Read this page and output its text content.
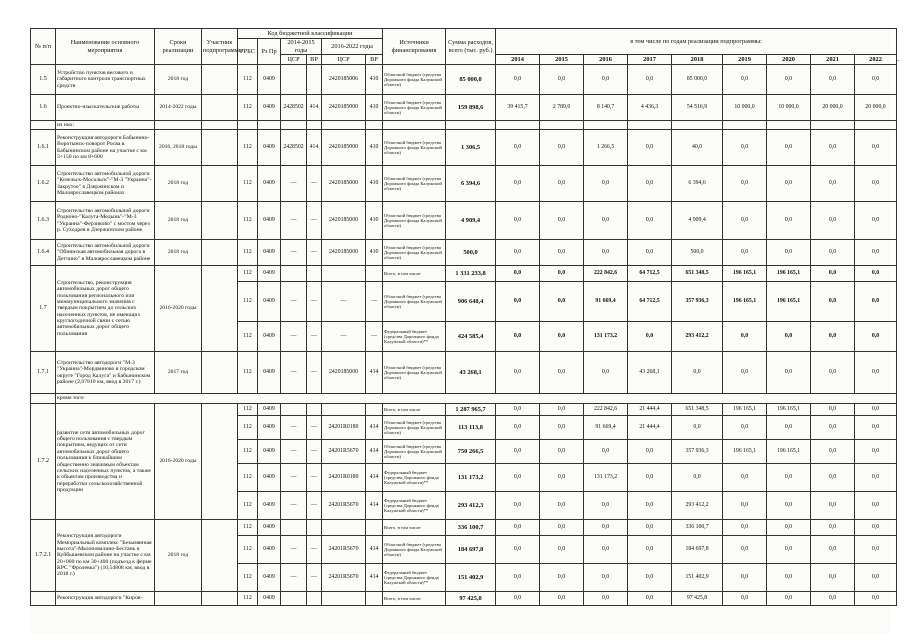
№ п/п	Наименование основного мероприятия	Сроки реализации	Участник подпрограммы	Код бюджетной классификации						Источники финансирования	Сумма расходов, всего (тыс. руб.)	в том числе по годам реализации подпрограммы:								
				ГРБС	Рз Пр	2014-2015 годы		2016-2022 годы												

						ЦСР	ВР	ЦСР	ВР			2014	2015	2016	2017	2018	2019	2020	2021	2022
1.5	Устройство пунктов весового и габаритного контроля транспортных средств	2018 год		112	0409			2420185006	410	Областной бюджет (средства Дорожного фонда Калужской области)	85 000,0	0,0	0,0	0,0	0,0	85 000,0	0,0	0,0	0,0	0,0
1.6	Проектно-изыскательские работы	2014-2022 годы		112	0409	2428502	414	2420185000	410	Областной бюджет (средства Дорожного фонда Калужской области)	159 898,6	39 415,7	2 789,0	8 140,7	4 436,3	54 516,9	10 000,0	10 000,0	20 000,0	20 000,0
	из них:																			
1.6.1	Реконструкция автодороги Бабынино-Воротынск-поворот Росва в Бабынинском районе на участке с км 3+150 по км 8+600	2016, 2018 годы		112	0409	2428502	414	2420185000	410	Областной бюджет (средства Дорожного фонда Калужской области)	1 306,5	0,0	0,0	1 266,5	0,0	40,0	0,0	0,0	0,0	0,0
1.6.2	Строительство автомобильной дороги "Козельск-Мосальск"-"М-3 "Украина"-Закрутое" в Дзержинском и Малоярославецком районах	2018 год		112	0409	—	—	2420185000	410	Областной бюджет (средства Дорожного фонда Калужской области)	6 394,6	0,0	0,0	0,0	0,0	6 394,6	0,0	0,0	0,0	0,0
1.6.3	Строительство автомобильной дороги Родионо-"Калуга-Медынь"-"М-3 "Украина"-Ферзиково" с мостом через р. Суходрев в Дзержинском районе	2018 год		112	0409	—	—	2420185000	410	Областной бюджет (средства Дорожного фонда Калужской области)	4 909,4	0,0	0,0	0,0	0,0	4 909,4	0,0	0,0	0,0	0,0
1.6.4	Строительство автомобильной дороги "Обнинская автомобильная дорога в Детчино" в Малоярославецком районе	2018 год		112	0409	—	—	2420185000	410	Областной бюджет (средства Дорожного фонда Калужской области)	500,0	0,0	0,0	0,0	0,0	500,0	0,0	0,0	0,0	0,0
1.7	Строительство, реконструкция автомобильных дорог общего пользования регионального или межмуниципального значения с твердым покрытием до сельских населенных пунктов, не имеющих круглогодичной связи с сетью автомобильных дорог общего пользования	2016-2020 годы		112	0409					Всего, в том числе:	1 331 233,8	0,0	0,0	222 842,6	64 712,5	651 348,5	196 165,1	196 165,1	0,0	0,0
				112	0409	—	—	—	—	Областной бюджет (средства Дорожного фонда Калужской области)	906 648,4	0,0	0,0	91 669,4	64 712,5	357 936,3	196 165,1	196 165,1	0,0	0,0
				112	0409	—	—	—	—	Федеральный бюджет (средства Дорожного фонда Калужской области)**	424 585,4	0,0	0,0	131 173,2	0,0	293 412,2	0,0	0,0	0,0	0,0
1.7.1	Строительство автодороги "М-3 "Украина"-Мордвиново в городском округе "Город Калуга" и Бабынинском районе (2,07810 км, ввод в 2017 г.)	2017 год		112	0409	—	—	2420185000	414	Областной бюджет (средства Дорожного фонда Калужской области)	43 268,1	0,0	0,0	0,0	43 268,1	0,0	0,0	0,0	0,0	0,0
	кроме того:																			
1.7.2	развитие сети автомобильных дорог общего пользования с твердым покрытием, ведущих от сети автомобильных дорог общего пользования к ближайшим общественно значимым объектам сельских населенных пунктов, а также к объектам производства и переработки сельскохозяйственной продукции	2016-2020 годы		112	0409					Всего, в том числе	1 287 965,7	0,0	0,0	222 842,6	21 444,4	651 348,5	196 165,1	196 165,1	0,0	0,0
				112	0409	—	—	24201R0180	414	Областной бюджет (средства Дорожного фонда Калужской области)	113 113,8	0,0	0,0	91 669,4	21 444,4	0,0	0,0	0,0	0,0	0,0
				112	0409	—	—	24201R5670	414	Областной бюджет (средства Дорожного фонда Калужской области)	750 266,5	0,0	0,0	0,0	0,0	357 936,3	196 165,1	196 165,1	0,0	0,0
				112	0409	—	—	24201R0180	414	Федеральный бюджет (средства Дорожного фонда Калужской области)**	131 173,2	0,0	0,0	131 173,2	0,0	0,0	0,0	0,0	0,0	0,0
				112	0409	—	—	24201R5670	414	Федеральный бюджет (средства Дорожного фонда Калужской области)**	293 412,3	0,0	0,0	0,0	0,0	293 412,2	0,0	0,0	0,0	0,0
1.7.2.1	Реконструкция автодороги Мемориальный комплекс "Безымянная высота"-Малоповалино-Бестань в Куйбышевском районе на участке с км 20+000 по км 30+400 (подъезд к ферме КРС "Фролевка") (10,54808 км, ввод в 2018 г.)	2018 год		112	0409					Всего, в том числе:	336 100,7	0,0	0,0	0,0	0,0	336 100,7	0,0	0,0	0,0	0,0
				112	0409	—	—	24201R5670	414	Областной бюджет (средства Дорожного фонда Калужской области)	184 697,8	0,0	0,0	0,0	0,0	184 697,8	0,0	0,0	0,0	0,0
				112	0409	—	—	24201R5670	414	Федеральный бюджет (средства Дорожного фонда Калужской области)**	151 402,9	0,0	0,0	0,0	0,0	151 402,9	0,0	0,0	0,0	0,0
	Реконструкция автодороги "Киров-			112	0409					Всего, в том числе:	97 425,8	0,0	0,0	0,0	0,0	97 425,8	0,0	0,0	0,0	0,0
-
